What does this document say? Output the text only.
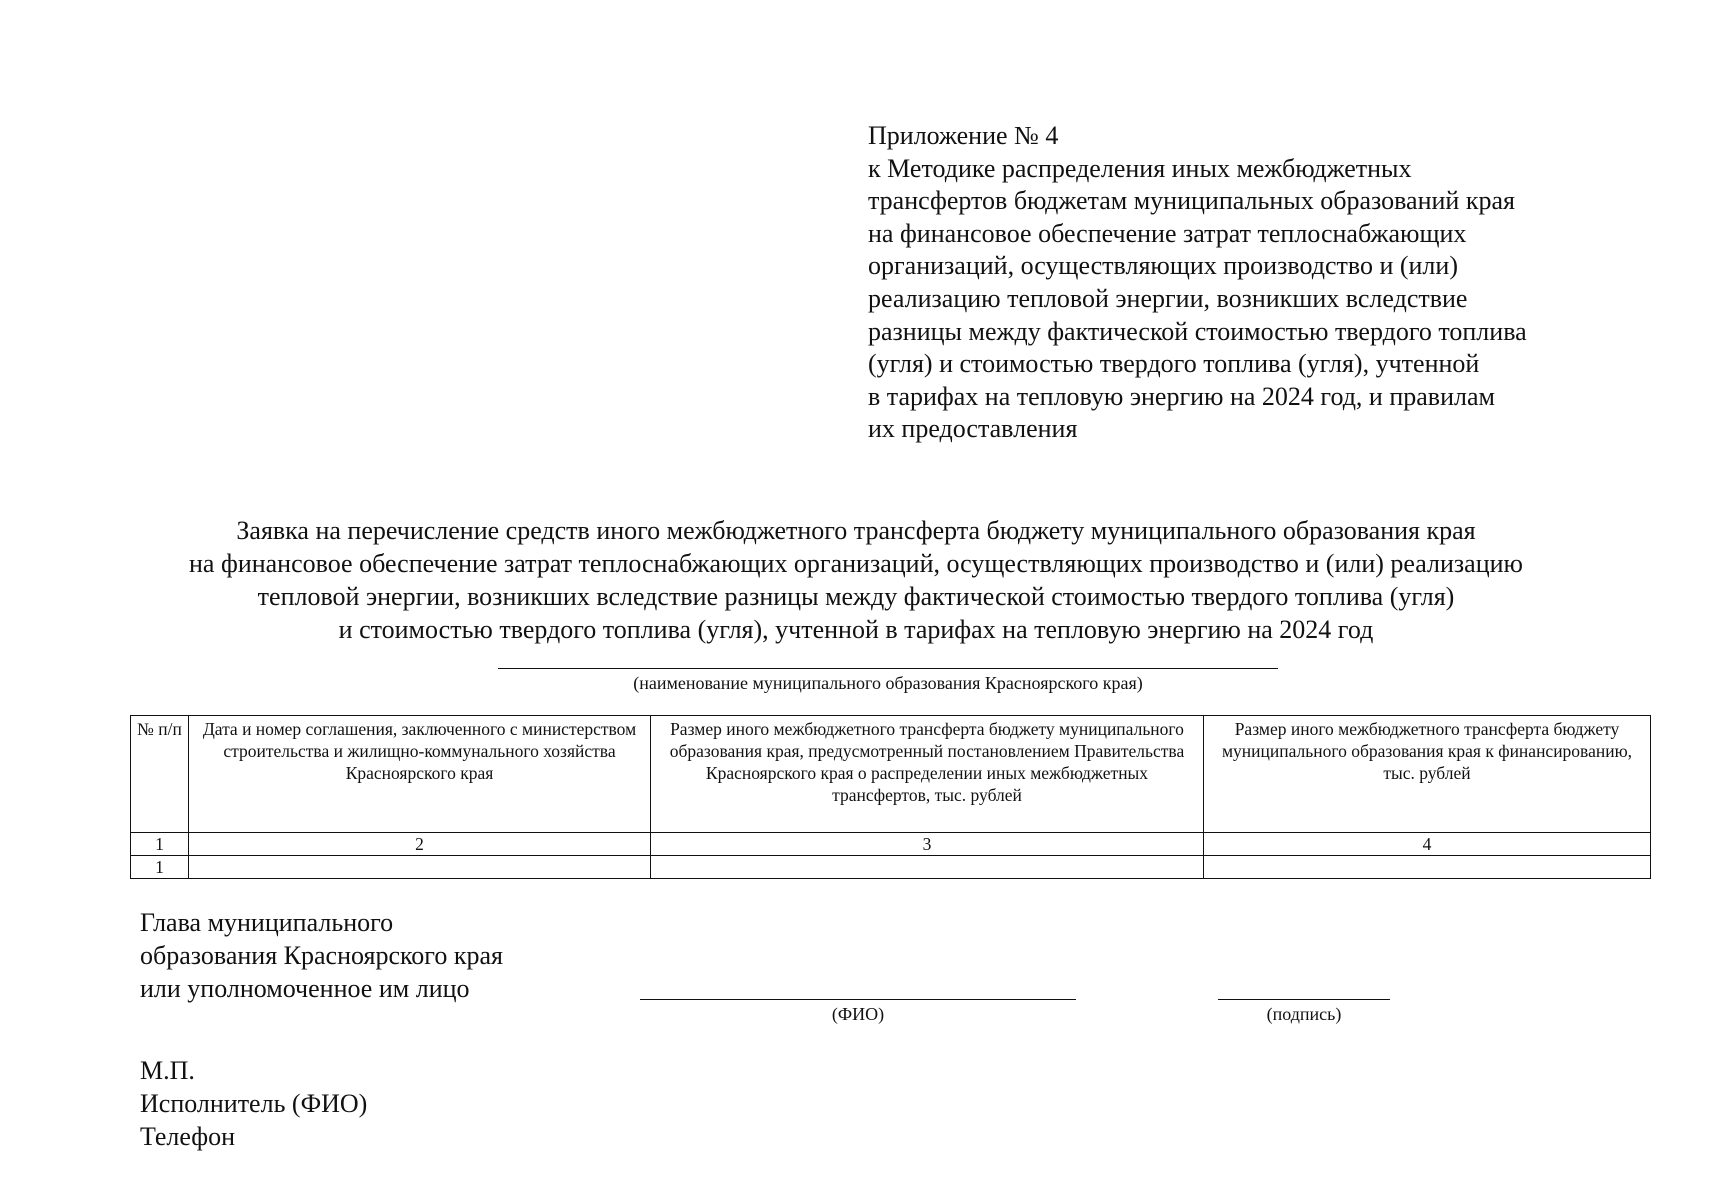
Приложение № 4
к Методике распределения иных межбюджетных
трансфертов бюджетам муниципальных образований края
на финансовое обеспечение затрат теплоснабжающих
организаций, осуществляющих производство и (или)
реализацию тепловой энергии, возникших вследствие
разницы между фактической стоимостью твердого топлива
(угля) и стоимостью твердого топлива (угля), учтенной
в тарифах на тепловую энергию на 2024 год, и правилам
их предоставления
Заявка на перечисление средств иного межбюджетного трансферта бюджету муниципального образования края
на финансовое обеспечение затрат теплоснабжающих организаций, осуществляющих производство и (или) реализацию
тепловой энергии, возникших вследствие разницы между фактической стоимостью твердого топлива (угля)
и стоимостью твердого топлива (угля), учтенной в тарифах на тепловую энергию на 2024 год
(наименование муниципального образования Красноярского края)
№ п/п	Дата и номер соглашения, заключенного с министерством строительства и жилищно-коммунального хозяйства Красноярского края	Размер иного межбюджетного трансферта бюджету муниципального образования края, предусмотренный постановлением Правительства Красноярского края о распределении иных межбюджетных трансфертов, тыс. рублей	Размер иного межбюджетного трансферта бюджету муниципального образования края к финансированию, тыс. рублей
1	2	3	4
1			
Глава муниципального
образования Красноярского края
или уполномоченное им лицо
(ФИО)	(подпись)
М.П.
Исполнитель (ФИО)
Телефон
